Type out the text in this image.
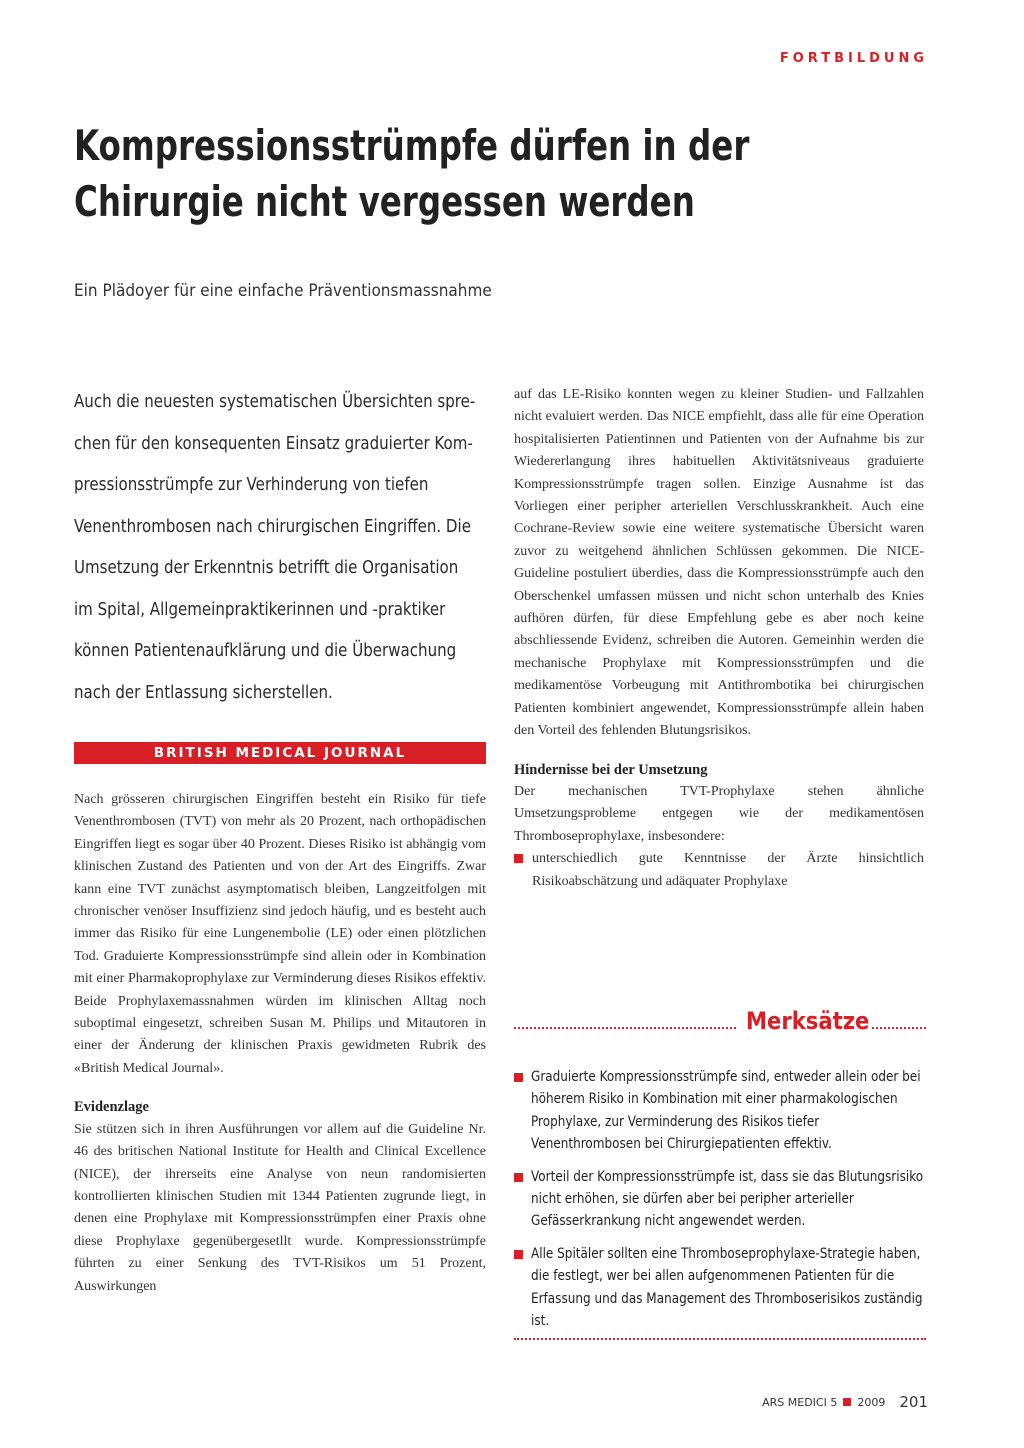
FORTBILDUNG
Kompressionsstrümpfe dürfen in der
Chirurgie nicht vergessen werden
Ein Plädoyer für eine einfache Präventionsmassnahme
Auch die neuesten systematischen Übersichten spre-
chen für den konsequenten Einsatz graduierter Kom-
pressionsstrümpfe zur Verhinderung von tiefen
Venenthrombosen nach chirurgischen Eingriffen. Die
Umsetzung der Erkenntnis betrifft die Organisation
im Spital, Allgemeinpraktikerinnen und -praktiker
können Patientenaufklärung und die Überwachung
nach der Entlassung sicherstellen.
BRITISH MEDICAL JOURNAL

Nach grösseren chirurgischen Eingriffen besteht ein Risiko für tiefe Venenthrombosen (TVT) von mehr als 20 Prozent, nach orthopädischen Eingriffen liegt es sogar über 40 Prozent. Dieses Risiko ist abhängig vom klinischen Zustand des Patienten und von der Art des Eingriffs. Zwar kann eine TVT zunächst asymptomatisch bleiben, Langzeitfolgen mit chronischer venöser Insuffizienz sind jedoch häufig, und es besteht auch immer das Risiko für eine Lungenembolie (LE) oder einen plötzlichen Tod. Graduierte Kompressionsstrümpfe sind allein oder in Kombination mit einer Pharmakoprophylaxe zur Verminderung dieses Risikos effektiv. Beide Prophylaxemassnahmen würden im klinischen Alltag noch suboptimal eingesetzt, schreiben Susan M. Philips und Mitautoren in einer der Änderung der klinischen Praxis gewidmeten Rubrik des «British Medical Journal».

Evidenzlage

Sie stützen sich in ihren Ausführungen vor allem auf die Guideline Nr. 46 des britischen National Institute for Health and Clinical Excellence (NICE), der ihrerseits eine Analyse von neun randomisierten kontrollierten klinischen Studien mit 1344 Patienten zugrunde liegt, in denen eine Prophylaxe mit Kompressionsstrümpfen einer Praxis ohne diese Prophylaxe gegenübergesetllt wurde. Kompressionsstrümpfe führten zu einer Senkung des TVT-Risikos um 51 Prozent, Auswirkungen

auf das LE-Risiko konnten wegen zu kleiner Studien- und Fallzahlen nicht evaluiert werden. Das NICE empfiehlt, dass alle für eine Operation hospitalisierten Patientinnen und Patienten von der Aufnahme bis zur Wiedererlangung ihres habituellen Aktivitätsniveaus graduierte Kompressionsstrümpfe tragen sollen. Einzige Ausnahme ist das Vorliegen einer peripher arteriellen Verschlusskrankheit. Auch eine Cochrane-Review sowie eine weitere systematische Übersicht waren zuvor zu weitgehend ähnlichen Schlüssen gekommen. Die NICE-Guideline postuliert überdies, dass die Kompressionsstrümpfe auch den Oberschenkel umfassen müssen und nicht schon unterhalb des Knies aufhören dürfen, für diese Empfehlung gebe es aber noch keine abschliessende Evidenz, schreiben die Autoren. Gemeinhin werden die mechanische Prophylaxe mit Kompressionsstrümpfen und die medikamentöse Vorbeugung mit Antithrombotika bei chirurgischen Patienten kombiniert angewendet, Kompressionsstrümpfe allein haben den Vorteil des fehlenden Blutungsrisikos.

Hindernisse bei der Umsetzung

Der mechanischen TVT-Prophylaxe stehen ähnliche Umsetzungsprobleme entgegen wie der medikamentösen Thromboseprophylaxe, insbesondere:

unterschiedlich gute Kenntnisse der Ärzte hinsichtlich Risikoabschätzung und adäquater Prophylaxe
Merksätze
Graduierte Kompressionsstrümpfe sind, entweder allein oder bei höherem Risiko in Kombination mit einer pharmakologischen Prophylaxe, zur Verminderung des Risikos tiefer Venenthrombosen bei Chirurgiepatienten effektiv.
Vorteil der Kompressionsstrümpfe ist, dass sie das Blutungsrisiko nicht erhöhen, sie dürfen aber bei peripher arterieller Gefässerkrankung nicht angewendet werden.
Alle Spitäler sollten eine Thromboseprophylaxe-Strategie haben, die festlegt, wer bei allen aufgenommenen Patienten für die Erfassung und das Management des Thromboserisikos zuständig ist.
ARS MEDICI 5 2009 201
